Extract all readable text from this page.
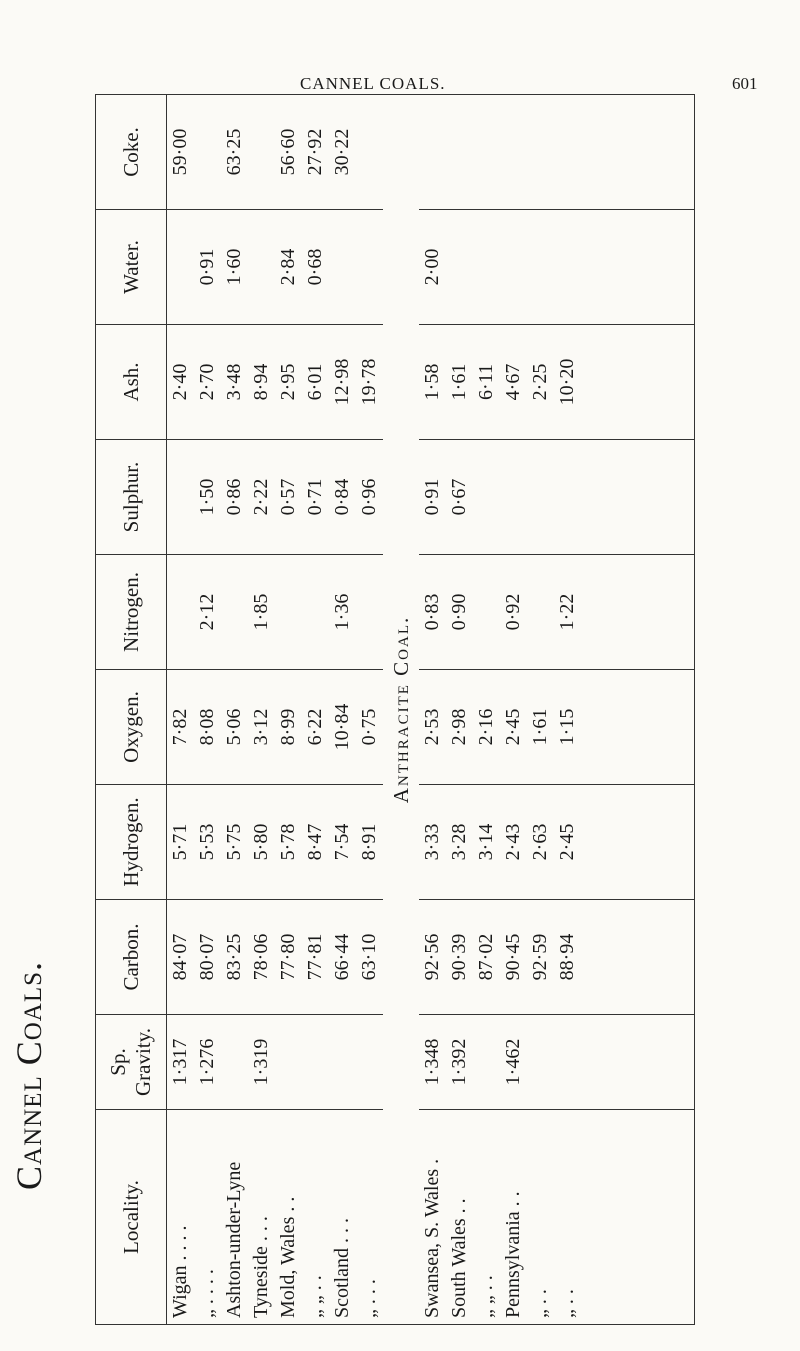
CANNEL COALS.	601
Cannel Coals.
Locality.	Sp. Gravity.	Carbon.	Hydrogen.	Oxygen.	Nitrogen.	Sulphur.	Ash.	Water.	Coke.
Wigan . . . .	1·317	84·07	5·71	7·82			2·40		59·00
„ . . . .	1·276	80·07	5·53	8·08	2·12	1·50	2·70	0·91	
Ashton-under-Lyne		83·25	5·75	5·06		0·86	3·48	1·60	63·25
Tyneside . . .	1·319	78·06	5·80	3·12	1·85	2·22	8·94		
Mold, Wales . .		77·80	5·78	8·99		0·57	2·95	2·84	56·60
„ „ . .		77·81	8·47	6·22		0·71	6·01	0·68	27·92
Scotland . . .		66·44	7·54	10·84	1·36	0·84	12·98		30·22
„ . . .		63·10	8·91	0·75		0·96	19·78		
Anthracite Coal.									
Swansea, S. Wales .	1·348	92·56	3·33	2·53	0·83	0·91	1·58	2·00	
South Wales . .	1·392	90·39	3·28	2·98	0·90	0·67	1·61		
„ „ . .		87·02	3·14	2·16			6·11		
Pennsylvania . .	1·462	90·45	2·43	2·45	0·92		4·67		
„ . .		92·59	2·63	1·61			2·25		
„ . .		88·94	2·45	1·15	1·22		10·20		
